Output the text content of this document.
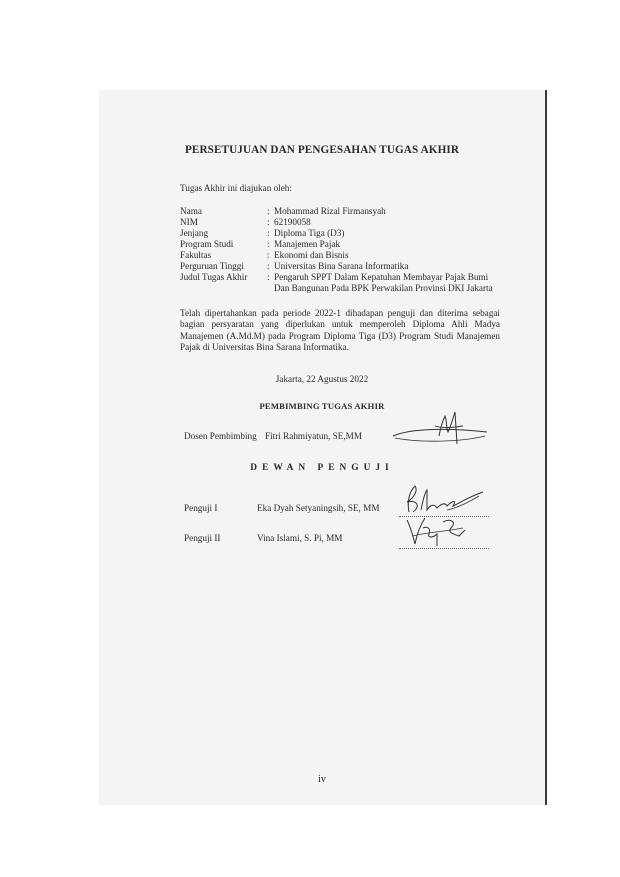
PERSETUJUAN DAN PENGESAHAN TUGAS AKHIR
Tugas Akhir ini diajukan oleh:
Nama	: Mohammad Rizal Firmansyah
NIM	: 62190058
Jenjang	: Diploma Tiga (D3)
Program Studi	: Manajemen Pajak
Fakultas	: Ekonomi dan Bisnis
Perguruan Tinggi	: Universitas Bina Sarana Informatika
Judul Tugas Akhir : Pengaruh SPPT Dalam Kepatuhan Membayar Pajak Bumi
Dan Bangunan Pada BPK Perwakilan Provinsi DKI Jakarta
Telah dipertahankan pada periode 2022-1 dihadapan penguji dan diterima sebagai bagian persyaratan yang diperlukan untuk memperoleh Diploma Ahli Madya Manajemen (A.Md.M) pada Program Diploma Tiga (D3) Program Studi Manajemen Pajak di Universitas Bina Sarana Informatika.
Jakarta, 22 Agustus 2022
PEMBIMBING TUGAS AKHIR
Dosen Pembimbing Fitri Rahmiyatun, SE,MM
DEWAN PENGUJI
Penguji I	Eka Dyah Setyaningsih, SE, MM
Penguji II	Vina Islami, S. Pi, MM
iv
